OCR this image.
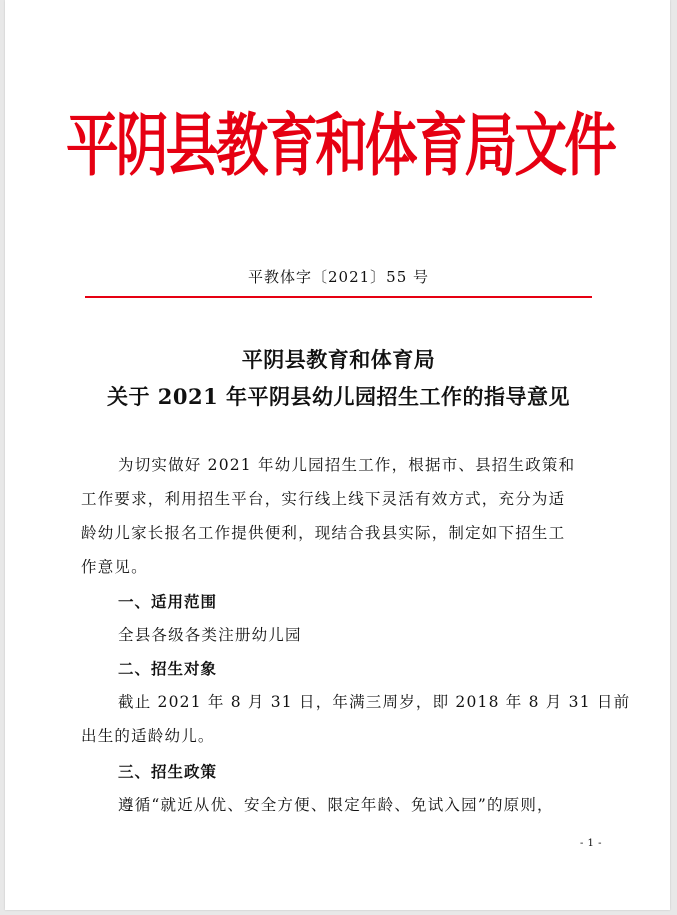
平阴县教育和体育局文件
平教体字〔2021〕55 号
平阴县教育和体育局
关于 2021 年平阴县幼儿园招生工作的指导意见
为切实做好 2021 年幼儿园招生工作，根据市、县招生政策和
工作要求，利用招生平台，实行线上线下灵活有效方式，充分为适
龄幼儿家长报名工作提供便利，现结合我县实际，制定如下招生工
作意见。
一、适用范围
全县各级各类注册幼儿园
二、招生对象
截止 2021 年 8 月 31 日，年满三周岁，即 2018 年 8 月 31 日前
出生的适龄幼儿。
三、招生政策
遵循“就近从优、安全方便、限定年龄、免试入园”的原则，
- 1 -
